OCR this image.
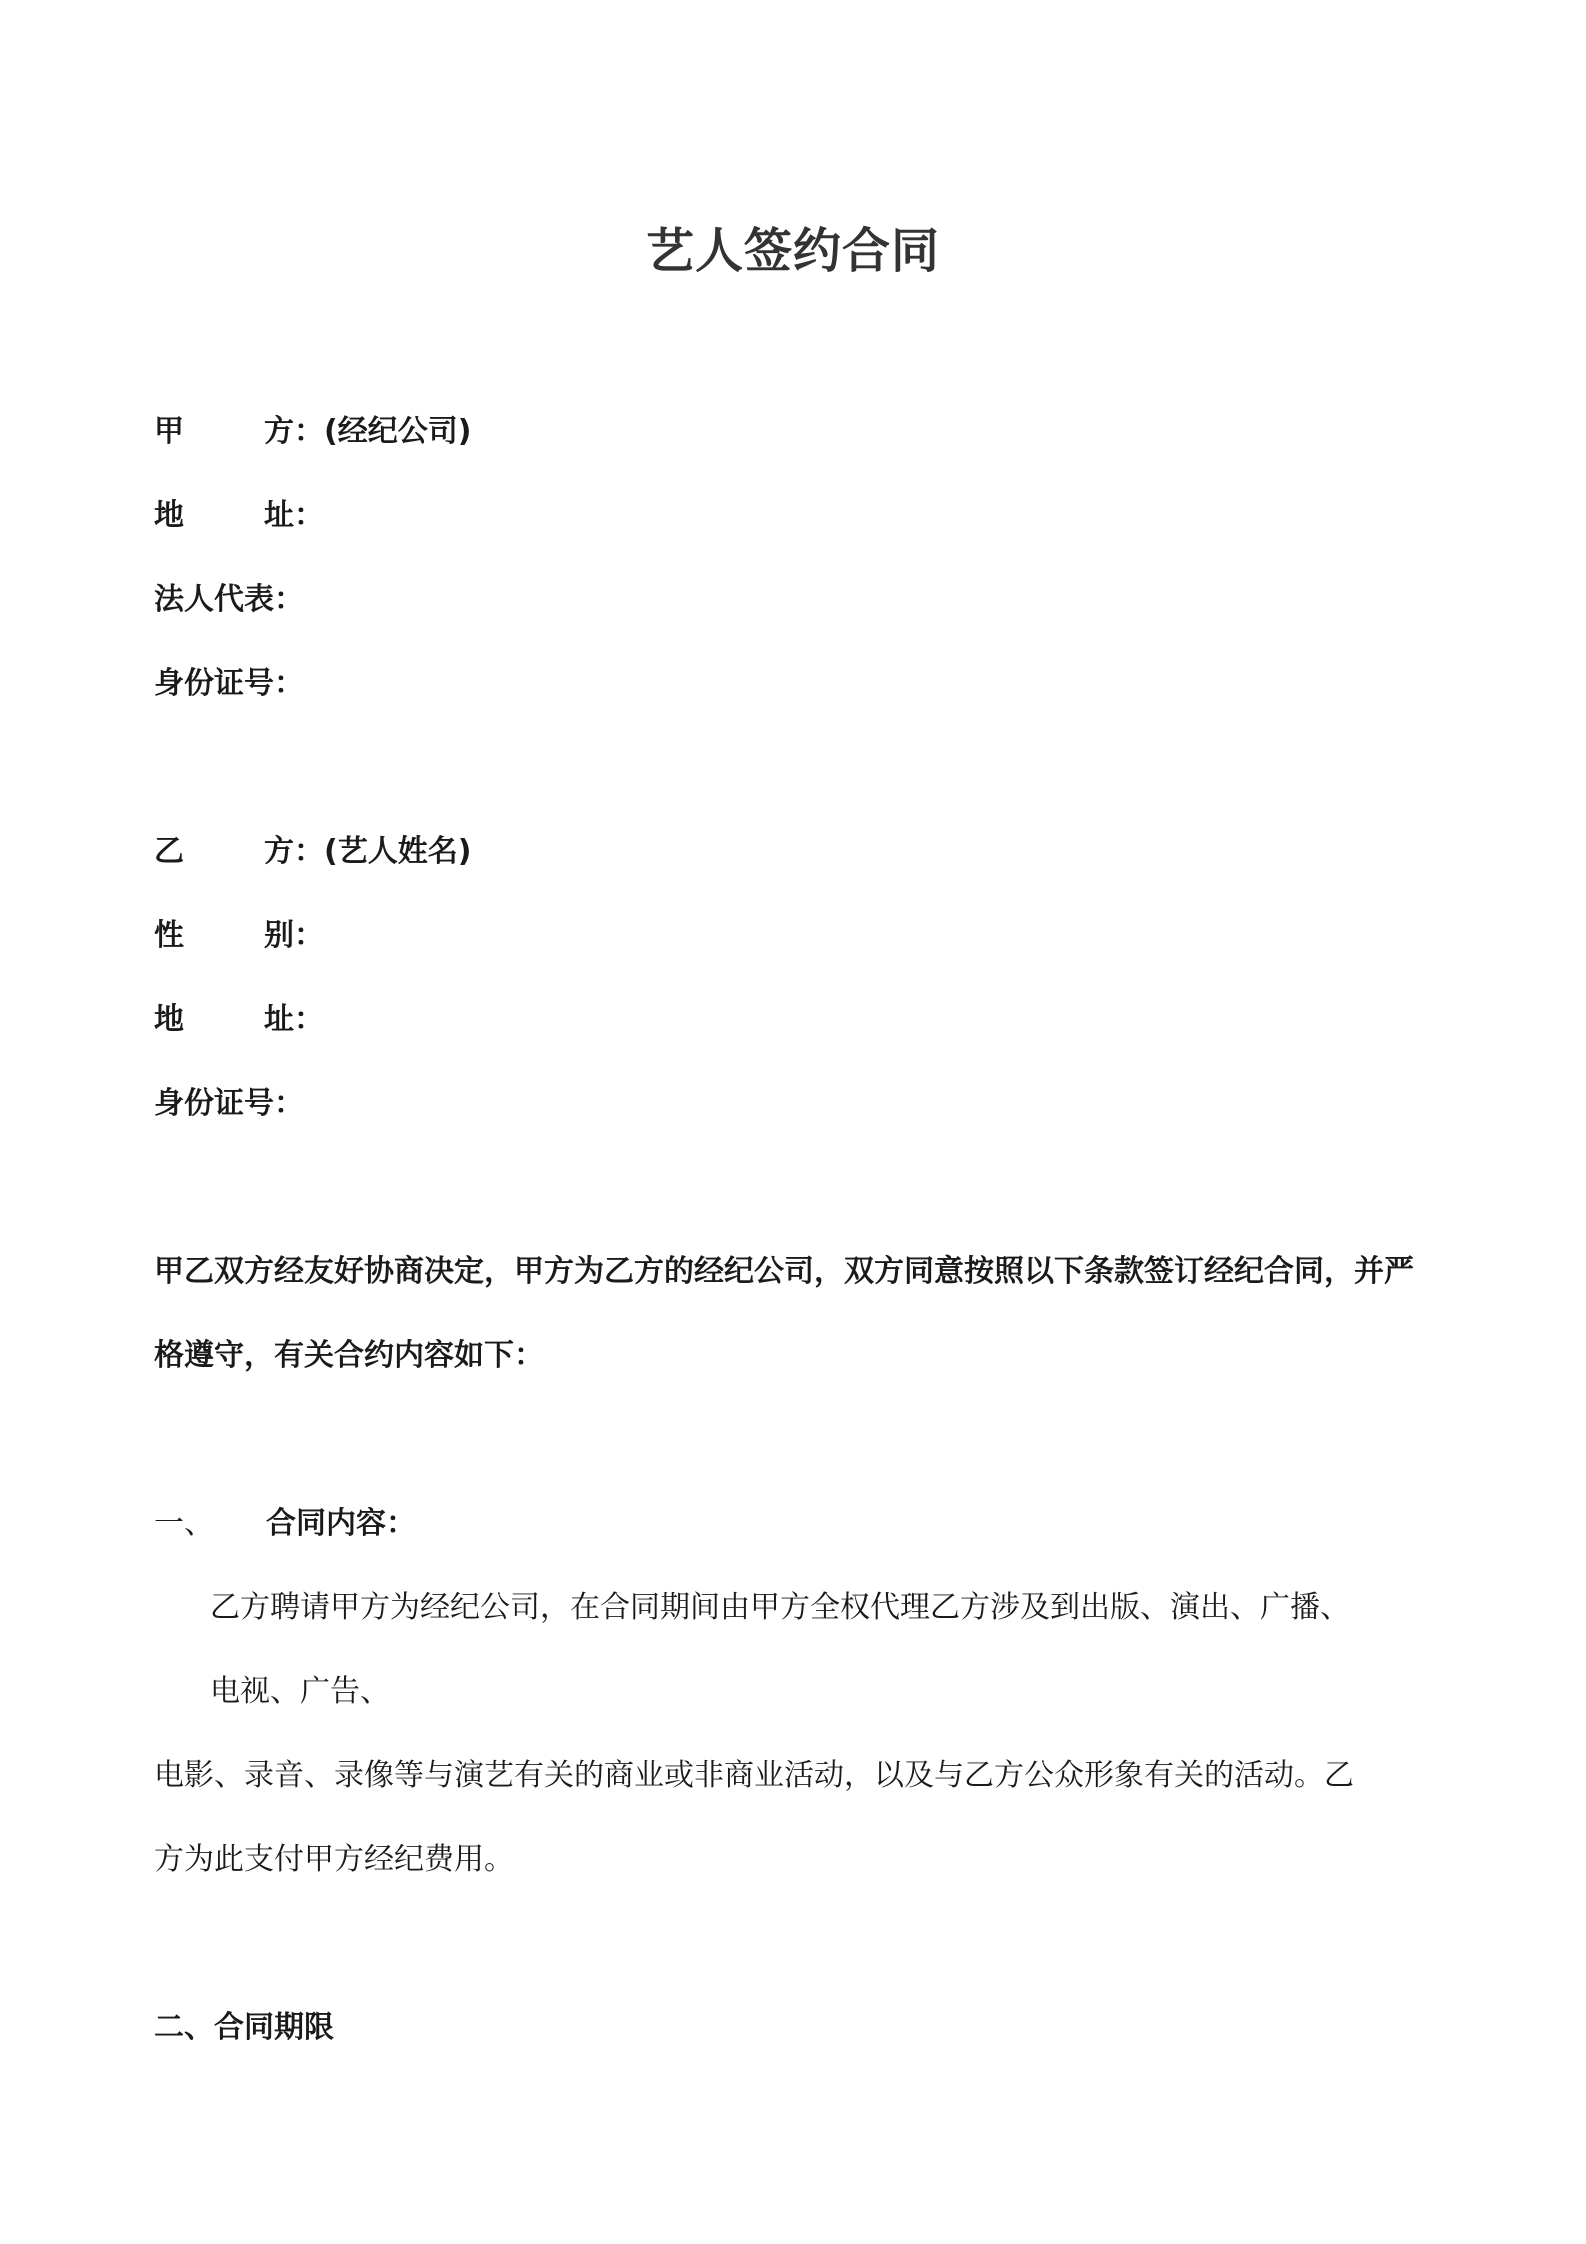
艺人签约合同
甲方：(经纪公司)
地址：
法人代表：
身份证号：
乙方：(艺人姓名)
性别：
地址：
身份证号：
甲乙双方经友好协商决定，甲方为乙方的经纪公司，双方同意按照以下条款签订经纪合同，并严
格遵守，有关合约内容如下：
一、 合同内容：
乙方聘请甲方为经纪公司，在合同期间由甲方全权代理乙方涉及到出版、演出、广播、
电视、广告、
电影、录音、录像等与演艺有关的商业或非商业活动，以及与乙方公众形象有关的活动。乙
方为此支付甲方经纪费用。
二、合同期限
